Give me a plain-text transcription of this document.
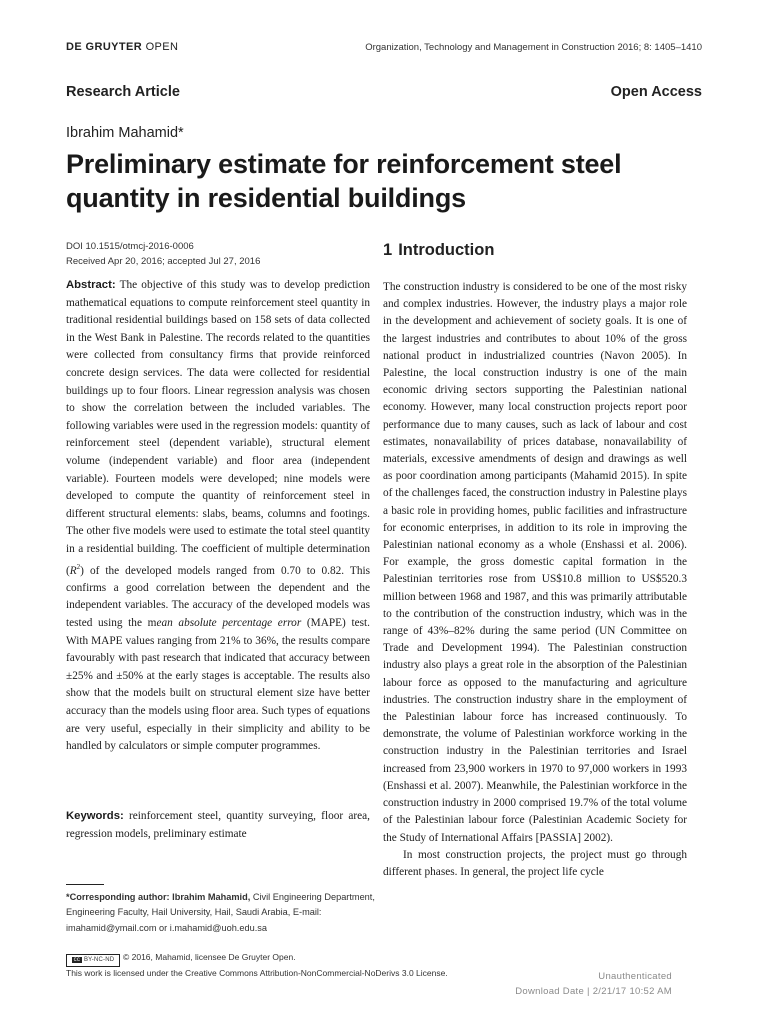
DE GRUYTER OPEN	Organization, Technology and Management in Construction 2016; 8: 1405–1410
Research Article	Open Access
Ibrahim Mahamid*
Preliminary estimate for reinforcement steel quantity in residential buildings
DOI 10.1515/otmcj-2016-0006
Received Apr 20, 2016; accepted Jul 27, 2016

Abstract: The objective of this study was to develop prediction mathematical equations to compute reinforcement steel quantity in traditional residential buildings based on 158 sets of data collected in the West Bank in Palestine. The records related to the quantities were collected from consultancy firms that provide reinforced concrete design services. The data were collected for residential buildings up to four floors. Linear regression analysis was chosen to show the correlation between the included variables. The following variables were used in the regression models: quantity of reinforcement steel (dependent variable), structural element volume (independent variable) and floor area (independent variable). Fourteen models were developed; nine models were developed to compute the quantity of reinforcement steel in different structural elements: slabs, beams, columns and footings. The other five models were used to estimate the total steel quantity in a residential building. The coefficient of multiple determination $(R^2)$ of the developed models ranged from 0.70 to 0.82. This confirms a good correlation between the dependent and the independent variables. The accuracy of the developed models was tested using the mean absolute percentage error (MAPE) test. With MAPE values ranging from 21% to 36%, the results compare favourably with past research that indicated that accuracy between ±25% and ±50% at the early stages is acceptable. The results also show that the models built on structural element size have better accuracy than the models using floor area. Such types of equations are very useful, especially in their simplicity and ability to be handled by calculators or simple computer programmes.

Keywords: reinforcement steel, quantity surveying, floor area, regression models, preliminary estimate

*Corresponding author: Ibrahim Mahamid, Civil Engineering Department, Engineering Faculty, Hail University, Hail, Saudi Arabia, E-mail: imahamid@ymail.com or i.mahamid@uoh.edu.sa

1 Introduction

The construction industry is considered to be one of the most risky and complex industries. However, the industry plays a major role in the development and achievement of society goals. It is one of the largest industries and contributes to about 10% of the gross national product in industrialized countries (Navon 2005). In Palestine, the local construction industry is one of the main economic driving sectors supporting the Palestinian national economy. However, many local construction projects report poor performance due to many causes, such as lack of labour and cost estimates, nonavailability of prices database, nonavailability of materials, excessive amendments of design and drawings as well as poor coordination among participants (Mahamid 2015). In spite of the challenges faced, the construction industry in Palestine plays a basic role in providing homes, public facilities and infrastructure for economic enterprises, in addition to its role in improving the Palestinian national economy as a whole (Enshassi et al. 2006). For example, the gross domestic capital formation in the Palestinian territories rose from US$10.8 million to US$520.3 million between 1968 and 1987, and this was primarily attributable to the contribution of the construction industry, which was in the range of 43%–82% during the same period (UN Committee on Trade and Development 1994). The Palestinian construction industry also plays a great role in the absorption of the Palestinian labour force as opposed to the manufacturing and agriculture industries. The construction industry share in the employment of the Palestinian labour force has increased continuously. To demonstrate, the volume of Palestinian workforce working in the construction industry in the Palestinian territories and Israel increased from 23,900 workers in 1970 to 97,000 workers in 1993 (Enshassi et al. 2007). Meanwhile, the Palestinian workforce in the construction industry in 2000 comprised 19.7% of the total volume of the Palestinian labour force (Palestinian Academic Society for the Study of International Affairs [PASSIA] 2002).

In most construction projects, the project must go through different phases. In general, the project life cycle

cc BY-NC-ND © 2016, Mahamid, licensee De Gruyter Open.
This work is licensed under the Creative Commons Attribution-NonCommercial-NoDerivs 3.0 License.	Unauthenticated
Download Date | 2/21/17 10:52 AM
